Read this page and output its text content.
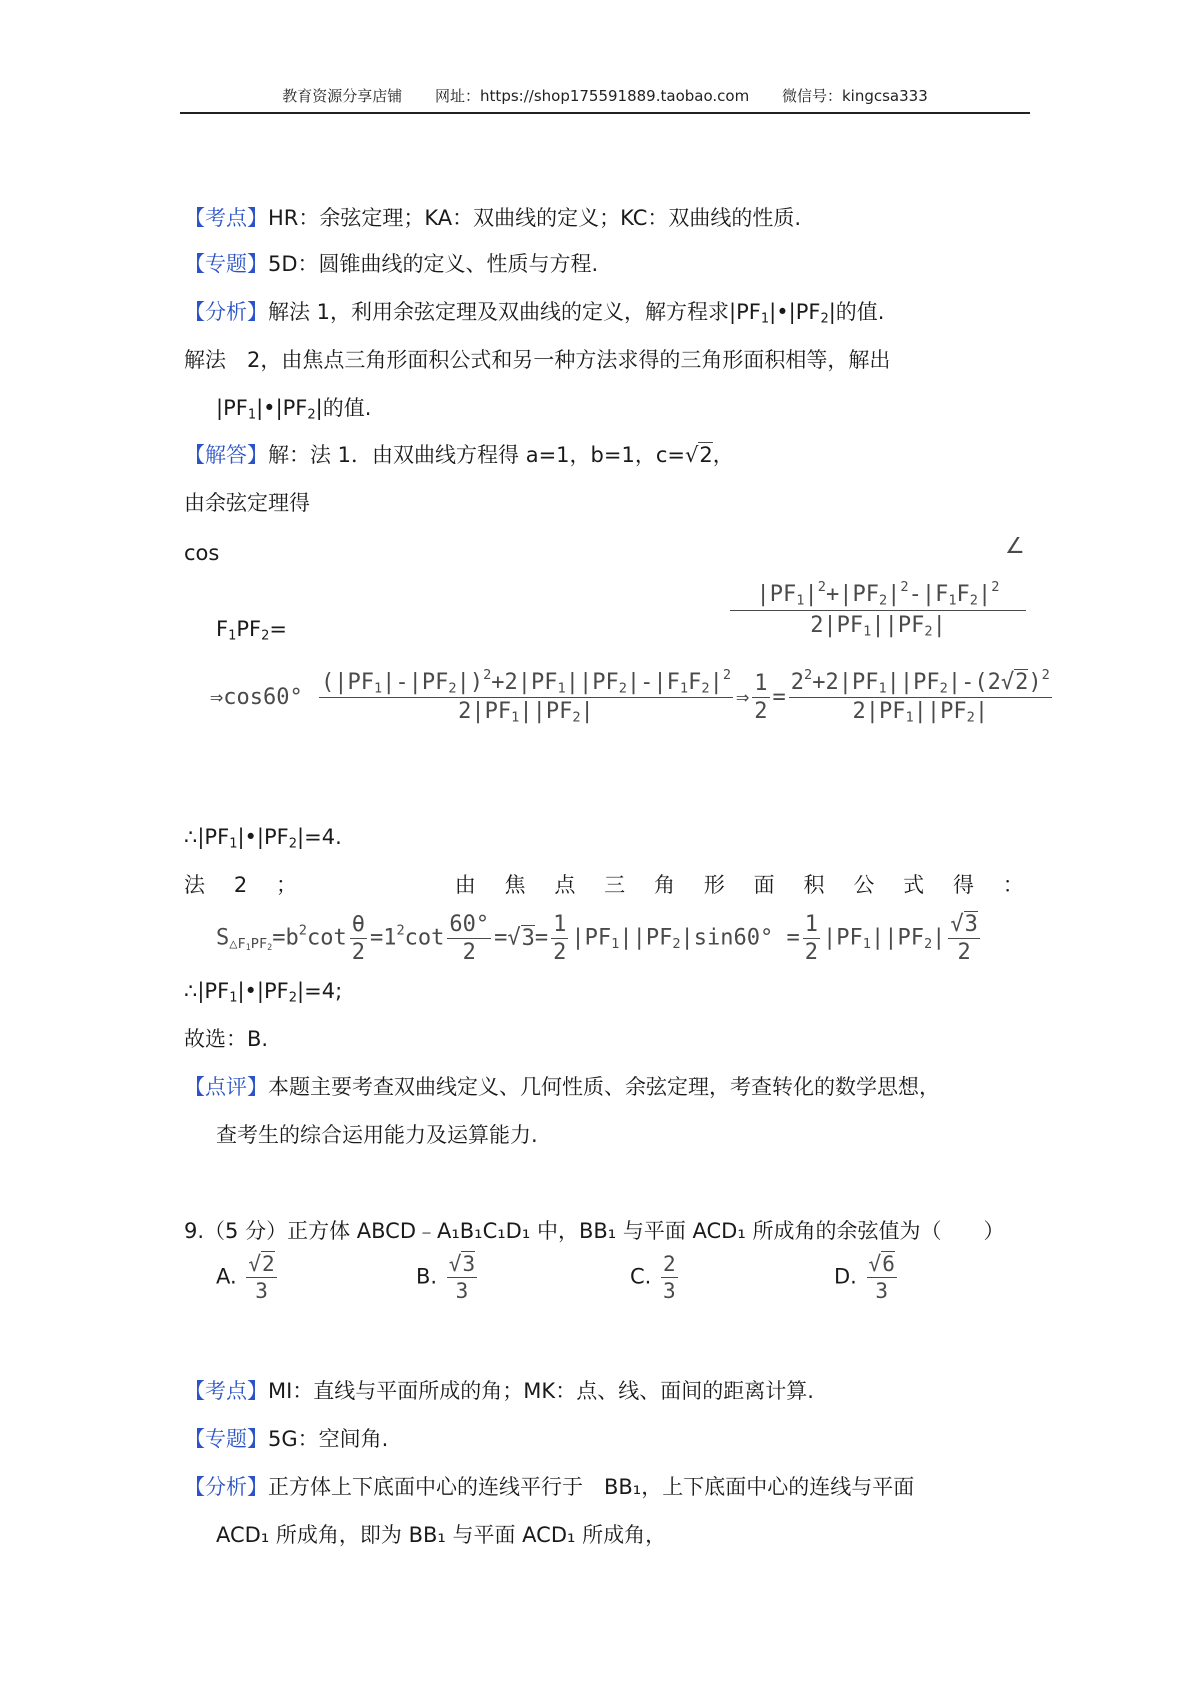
教育资源分享店铺 网址：https://shop175591889.taobao.com 微信号：kingcsa333
【考点】HR：余弦定理；KA：双曲线的定义；KC：双曲线的性质.
【专题】5D：圆锥曲线的定义、性质与方程.
【分析】解法 1，利用余弦定理及双曲线的定义，解方程求$|PF_1|•|PF_2|$的值.
解法　2，由焦点三角形面积公式和另一种方法求得的三角形面积相等，解出
$|PF_1|•|PF_2|$的值.
【解答】解：法 1．由双曲线方程得 a=1，b=1，c=√2，
由余弦定理得
cos	∠
$F_1PF_2=$	$\frac{|PF_1|^2+|PF_2|^2-|F_1F_2|^2}{2|PF_1||PF_2|}$
⇒cos60° $\frac{(|PF_1|-|PF_2|)^2+2|PF_1||PF_2|-|F_1F_2|^2}{2|PF_1||PF_2|}$ ⇒ $\frac{1}{2} = \frac{2^2+2|PF_1||PF_2|-(2√2)^2}{2|PF_1||PF_2|}$
$\therefore|PF_1|•|PF_2|=4$.
法 2 ；	由 焦 点 三 角 形 面 积 公 式 得 ：
$S_{\triangle F_1PF_2}=b^2\cot \frac{\theta}{2} =1^2\cot \frac{60^\circ}{2} =√3= \frac{1}{2} |PF_1||PF_2|\sin 60^\circ = \frac{1}{2} |PF_1||PF_2| \frac{√3}{2}$
$\therefore|PF_1|•|PF_2|=4$;
故选：B.
【点评】本题主要考查双曲线定义、几何性质、余弦定理，考查转化的数学思想，
查考生的综合运用能力及运算能力.
9.（5 分）正方体 ABCD﹣A₁B₁C₁D₁ 中，BB₁ 与平面 ACD₁ 所成角的余弦值为（　　）
A. $\frac{√2}{3}$	B. $\frac{√3}{3}$	C. $\frac{2}{3}$	D. $\frac{√6}{3}$
【考点】MI：直线与平面所成的角；MK：点、线、面间的距离计算.
【专题】5G：空间角.
【分析】正方体上下底面中心的连线平行于　BB₁，上下底面中心的连线与平面
ACD₁ 所成角，即为 BB₁ 与平面 ACD₁ 所成角，
